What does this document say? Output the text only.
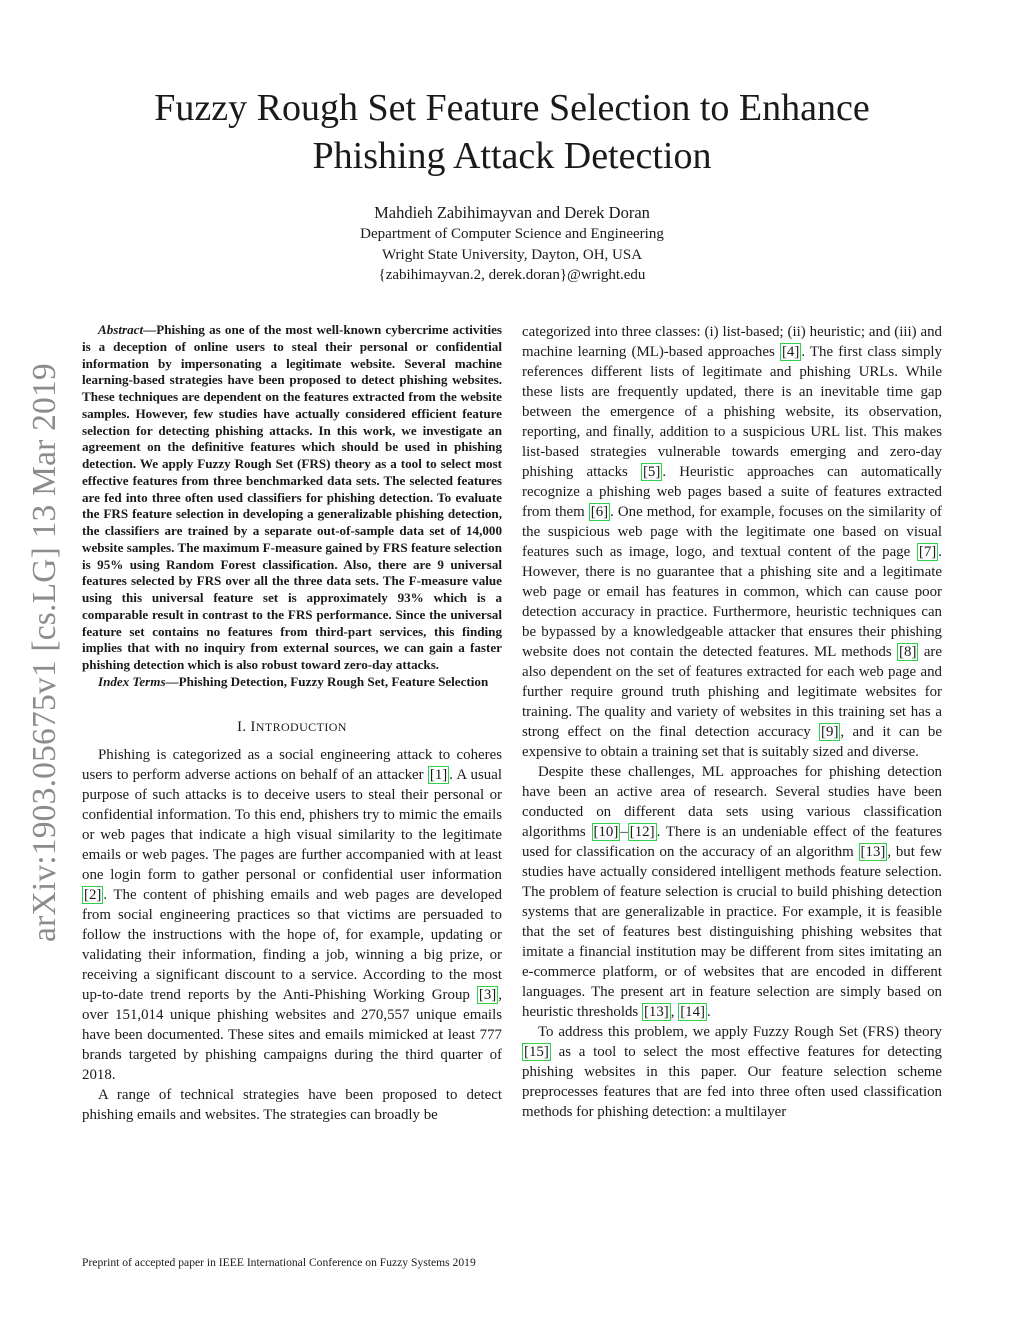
arXiv:1903.05675v1 [cs.LG] 13 Mar 2019
Fuzzy Rough Set Feature Selection to Enhance
Phishing Attack Detection
Mahdieh Zabihimayvan and Derek Doran
Department of Computer Science and Engineering
Wright State University, Dayton, OH, USA
{zabihimayvan.2, derek.doran}@wright.edu

Abstract—Phishing as one of the most well-known cybercrime activities is a deception of online users to steal their personal or confidential information by impersonating a legitimate website. Several machine learning-based strategies have been proposed to detect phishing websites. These techniques are dependent on the features extracted from the website samples. However, few studies have actually considered efficient feature selection for detecting phishing attacks. In this work, we investigate an agreement on the definitive features which should be used in phishing detection. We apply Fuzzy Rough Set (FRS) theory as a tool to select most effective features from three benchmarked data sets. The selected features are fed into three often used classifiers for phishing detection. To evaluate the FRS feature selection in developing a generalizable phishing detection, the classifiers are trained by a separate out-of-sample data set of 14,000 website samples. The maximum F-measure gained by FRS feature selection is 95% using Random Forest classification. Also, there are 9 universal features selected by FRS over all the three data sets. The F-measure value using this universal feature set is approximately 93% which is a comparable result in contrast to the FRS performance. Since the universal feature set contains no features from third-part services, this finding implies that with no inquiry from external sources, we can gain a faster phishing detection which is also robust toward zero-day attacks.

Index Terms—Phishing Detection, Fuzzy Rough Set, Feature Selection

I. INTRODUCTION

Phishing is categorized as a social engineering attack to coheres users to perform adverse actions on behalf of an attacker [1] . A usual purpose of such attacks is to deceive users to steal their personal or confidential information. To this end, phishers try to mimic the emails or web pages that indicate a high visual similarity to the legitimate emails or web pages. The pages are further accompanied with at least one login form to gather personal or confidential user information [2] . The content of phishing emails and web pages are developed from social engineering practices so that victims are persuaded to follow the instructions with the hope of, for example, updating or validating their information, finding a job, winning a big prize, or receiving a significant discount to a service. According to the most up-to-date trend reports by the Anti-Phishing Working Group [3] , over 151,014 unique phishing websites and 270,557 unique emails have been documented. These sites and emails mimicked at least 777 brands targeted by phishing campaigns during the third quarter of 2018.

A range of technical strategies have been proposed to detect phishing emails and websites. The strategies can broadly be

categorized into three classes: (i) list-based; (ii) heuristic; and (iii) and machine learning (ML)-based approaches [4] . The first class simply references different lists of legitimate and phishing URLs. While these lists are frequently updated, there is an inevitable time gap between the emergence of a phishing website, its observation, reporting, and finally, addition to a suspicious URL list. This makes list-based strategies vulnerable towards emerging and zero-day phishing attacks [5] . Heuristic approaches can automatically recognize a phishing web pages based a suite of features extracted from them [6] . One method, for example, focuses on the similarity of the suspicious web page with the legitimate one based on visual features such as image, logo, and textual content of the page [7] . However, there is no guarantee that a phishing site and a legitimate web page or email has features in common, which can cause poor detection accuracy in practice. Furthermore, heuristic techniques can be bypassed by a knowledgeable attacker that ensures their phishing website does not contain the detected features. ML methods [8] are also dependent on the set of features extracted for each web page and further require ground truth phishing and legitimate websites for training. The quality and variety of websites in this training set has a strong effect on the final detection accuracy [9] , and it can be expensive to obtain a training set that is suitably sized and diverse.

Despite these challenges, ML approaches for phishing detection have been an active area of research. Several studies have been conducted on different data sets using various classification algorithms [10] – [12] . There is an undeniable effect of the features used for classification on the accuracy of an algorithm [13] , but few studies have actually considered intelligent methods feature selection. The problem of feature selection is crucial to build phishing detection systems that are generalizable in practice. For example, it is feasible that the set of features best distinguishing phishing websites that imitate a financial institution may be different from sites imitating an e-commerce platform, or of websites that are encoded in different languages. The present art in feature selection are simply based on heuristic thresholds [13] , [14] .

To address this problem, we apply Fuzzy Rough Set (FRS) theory [15] as a tool to select the most effective features for detecting phishing websites in this paper. Our feature selection scheme preprocesses features that are fed into three often used classification methods for phishing detection: a multilayer

Preprint of accepted paper in IEEE International Conference on Fuzzy Systems 2019
